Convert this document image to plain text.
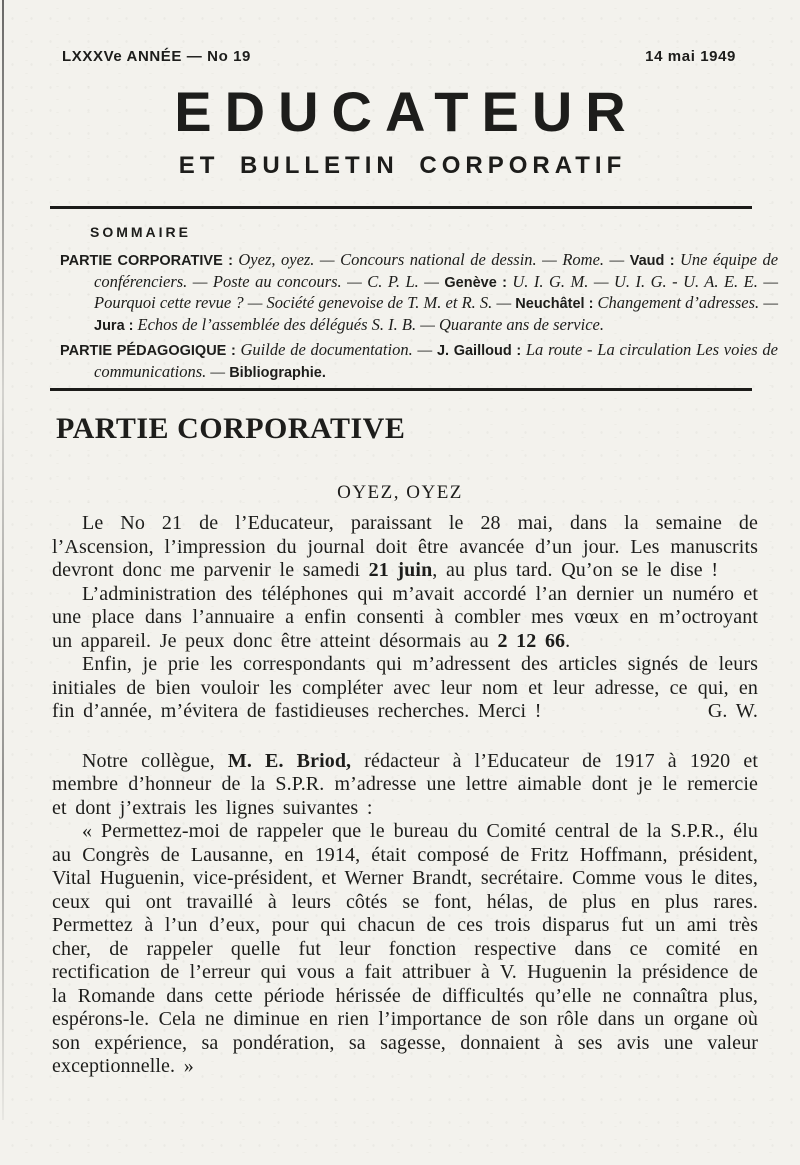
LXXXVe ANNÉE — No 19	14 mai 1949
EDUCATEUR
ET BULLETIN CORPORATIF
SOMMAIRE

PARTIE CORPORATIVE : Oyez, oyez. — Concours national de dessin. — Rome. — Vaud : Une équipe de conférenciers. — Poste au concours. — C. P. L. — Genève : U. I. G. M. — U. I. G. - U. A. E. E. — Pourquoi cette revue ? — Société genevoise de T. M. et R. S. — Neuchâtel : Changement d’adresses. — Jura : Echos de l’assemblée des délégués S. I. B. — Quarante ans de service.

PARTIE PÉDAGOGIQUE : Guilde de documentation. — J. Gailloud : La route - La circulation Les voies de communications. — Bibliographie.

PARTIE CORPORATIVE
OYEZ, OYEZ

Le No 21 de l’Educateur, paraissant le 28 mai, dans la semaine de l’Ascension, l’impression du journal doit être avancée d’un jour. Les manuscrits devront donc me parvenir le samedi 21 juin, au plus tard. Qu’on se le dise !

L’administration des téléphones qui m’avait accordé l’an dernier un numéro et une place dans l’annuaire a enfin consenti à combler mes vœux en m’octroyant un appareil. Je peux donc être atteint désormais au 2 12 66.

Enfin, je prie les correspondants qui m’adressent des articles signés de leurs initiales de bien vouloir les compléter avec leur nom et leur adresse, ce qui, en fin d’année, m’évitera de fastidieuses recherches. Merci !	G. W.

Notre collègue, M. E. Briod, rédacteur à l’Educateur de 1917 à 1920 et membre d’honneur de la S.P.R. m’adresse une lettre aimable dont je le remercie et dont j’extrais les lignes suivantes :

« Permettez-moi de rappeler que le bureau du Comité central de la S.P.R., élu au Congrès de Lausanne, en 1914, était composé de Fritz Hoffmann, président, Vital Huguenin, vice-président, et Werner Brandt, secrétaire. Comme vous le dites, ceux qui ont travaillé à leurs côtés se font, hélas, de plus en plus rares. Permettez à l’un d’eux, pour qui chacun de ces trois disparus fut un ami très cher, de rappeler quelle fut leur fonction respective dans ce comité en rectification de l’erreur qui vous a fait attribuer à V. Huguenin la présidence de la Romande dans cette période hérissée de difficultés qu’elle ne connaîtra plus, espérons-le. Cela ne diminue en rien l’importance de son rôle dans un organe où son expérience, sa pondération, sa sagesse, donnaient à ses avis une valeur exceptionnelle. »
